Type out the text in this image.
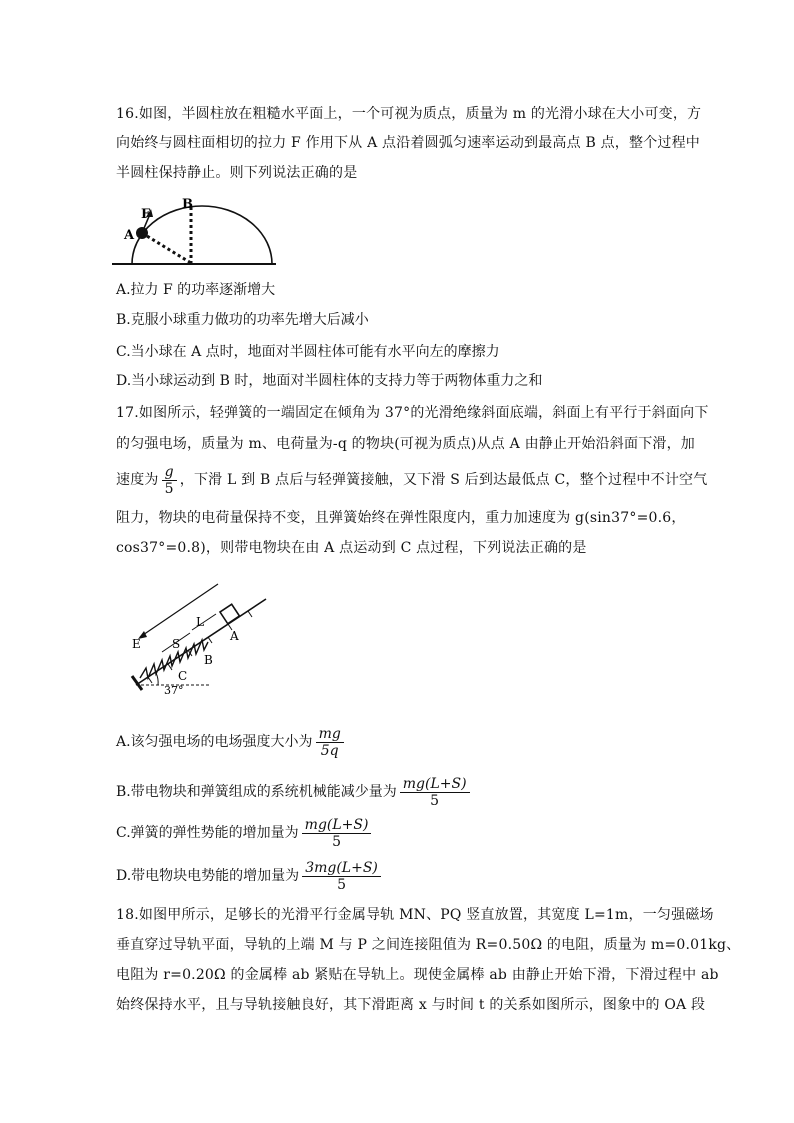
16.如图，半圆柱放在粗糙水平面上，一个可视为质点，质量为 m 的光滑小球在大小可变，方
向始终与圆柱面相切的拉力 F 作用下从 A 点沿着圆弧匀速率运动到最高点 B 点，整个过程中
半圆柱保持静止。则下列说法正确的是
F
A
B
A.拉力 F 的功率逐渐增大
B.克服小球重力做功的功率先增大后减小
C.当小球在 A 点时，地面对半圆柱体可能有水平向左的摩擦力
D.当小球运动到 B 时，地面对半圆柱体的支持力等于两物体重力之和
17.如图所示，轻弹簧的一端固定在倾角为 37°的光滑绝缘斜面底端，斜面上有平行于斜面向下
的匀强电场，质量为 m、电荷量为-q 的物块(可视为质点)从点 A 由静止开始沿斜面下滑，加
速度为 $\frac{g}{5}$ ，下滑 L 到 B 点后与轻弹簧接触，又下滑 S 后到达最低点 C，整个过程中不计空气
阻力，物块的电荷量保持不变，且弹簧始终在弹性限度内，重力加速度为 g(sin37°=0.6，
cos37°=0.8)，则带电物块在由 A 点运动到 C 点过程，下列说法正确的是
E	S
L
A
B
C
37°
A.该匀强电场的电场强度大小为 $\frac{mg}{5q}$
B.带电物块和弹簧组成的系统机械能减少量为 $\frac{mg(L+S)}{5}$
C.弹簧的弹性势能的增加量为 $\frac{mg(L+S)}{5}$
D.带电物块电势能的增加量为 $\frac{3mg(L+S)}{5}$
18.如图甲所示，足够长的光滑平行金属导轨 MN、PQ 竖直放置，其宽度 L=1m，一匀强磁场
垂直穿过导轨平面，导轨的上端 M 与 P 之间连接阻值为 R=0.50Ω 的电阻，质量为 m=0.01kg、
电阻为 r=0.20Ω 的金属棒 ab 紧贴在导轨上。现使金属棒 ab 由静止开始下滑，下滑过程中 ab
始终保持水平，且与导轨接触良好，其下滑距离 x 与时间 t 的关系如图所示，图象中的 OA 段
